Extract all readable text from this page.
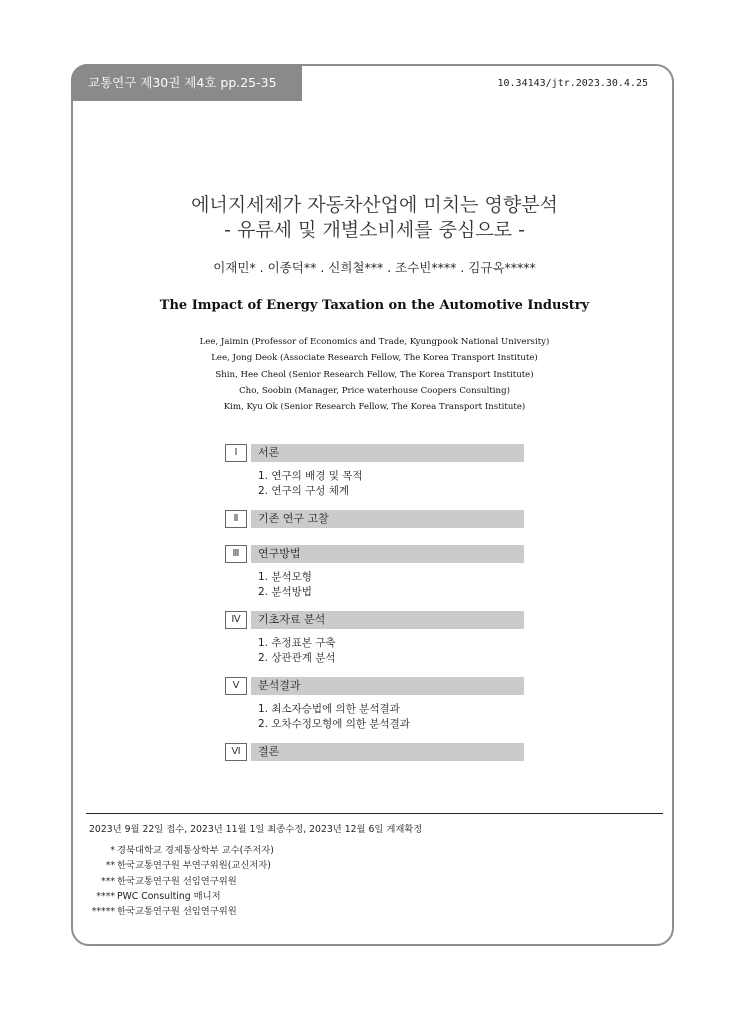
교통연구 제30권 제4호 pp.25-35	10.34143/jtr.2023.30.4.25
에너지세제가 자동차산업에 미치는 영향분석
- 유류세 및 개별소비세를 중심으로 -
이재민* . 이종덕** . 신희철*** . 조수빈**** . 김규옥*****
The Impact of Energy Taxation on the Automotive Industry
Lee, Jaimin (Professor of Economics and Trade, Kyungpook National University)
Lee, Jong Deok (Associate Research Fellow, The Korea Transport Institute)
Shin, Hee Cheol (Senior Research Fellow, The Korea Transport Institute)
Cho, Soobin (Manager, Price waterhouse Coopers Consulting)
Kim, Kyu Ok (Senior Research Fellow, The Korea Transport Institute)
Ⅰ	서론
1. 연구의 배경 및 목적
2. 연구의 구성 체계
Ⅱ	기존 연구 고찰
Ⅲ	연구방법
1. 분석모형
2. 분석방법
Ⅳ	기초자료 분석
1. 추정표본 구축
2. 상관관계 분석
Ⅴ	분석결과
1. 최소자승법에 의한 분석결과
2. 오차수정모형에 의한 분석결과
Ⅵ	결론
2023년 9월 22일 접수, 2023년 11월 1일 최종수정, 2023년 12월 6일 게재확정
* 경북대학교 경제통상학부 교수(주저자)
** 한국교통연구원 부연구위원(교신저자)
*** 한국교통연구원 선임연구위원
**** PWC Consulting 매니저
***** 한국교통연구원 선임연구위원
